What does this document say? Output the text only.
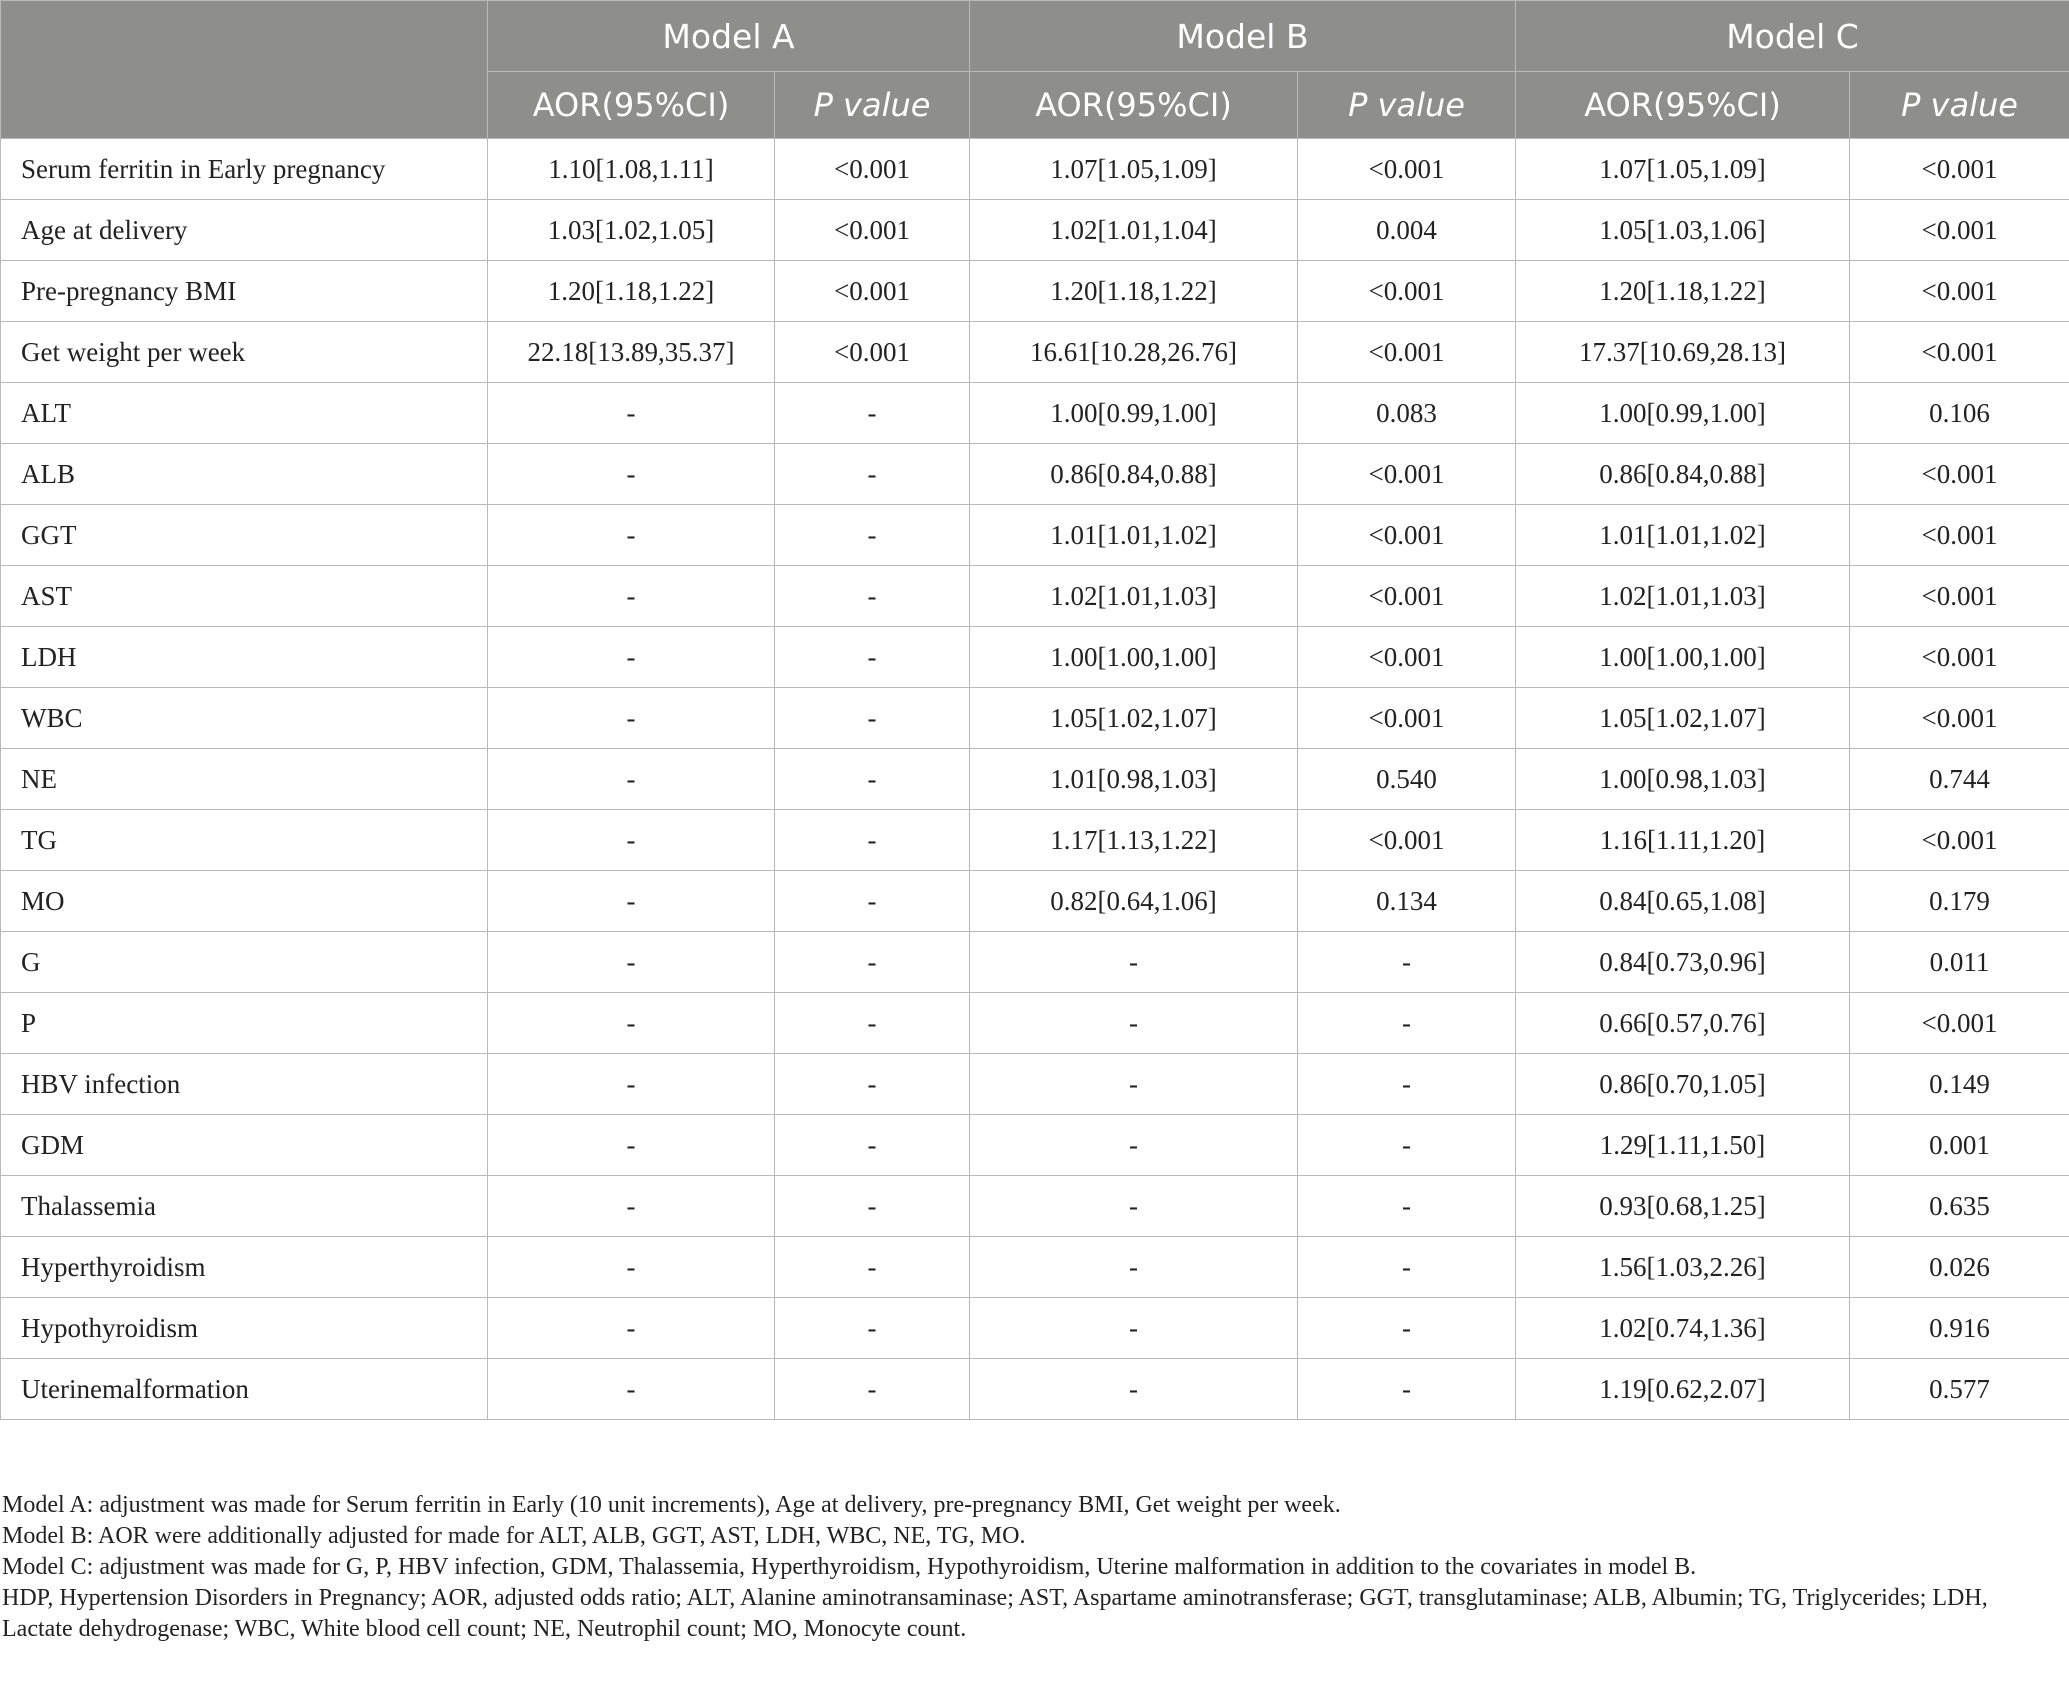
	Model A		Model B		Model C	
	AOR(95%CI)	P value	AOR(95%CI)	P value	AOR(95%CI)	P value
Serum ferritin in Early pregnancy	1.10[1.08,1.11]	<0.001	1.07[1.05,1.09]	<0.001	1.07[1.05,1.09]	<0.001
Age at delivery	1.03[1.02,1.05]	<0.001	1.02[1.01,1.04]	0.004	1.05[1.03,1.06]	<0.001
Pre-pregnancy BMI	1.20[1.18,1.22]	<0.001	1.20[1.18,1.22]	<0.001	1.20[1.18,1.22]	<0.001
Get weight per week	22.18[13.89,35.37]	<0.001	16.61[10.28,26.76]	<0.001	17.37[10.69,28.13]	<0.001
ALT	-	-	1.00[0.99,1.00]	0.083	1.00[0.99,1.00]	0.106
ALB	-	-	0.86[0.84,0.88]	<0.001	0.86[0.84,0.88]	<0.001
GGT	-	-	1.01[1.01,1.02]	<0.001	1.01[1.01,1.02]	<0.001
AST	-	-	1.02[1.01,1.03]	<0.001	1.02[1.01,1.03]	<0.001
LDH	-	-	1.00[1.00,1.00]	<0.001	1.00[1.00,1.00]	<0.001
WBC	-	-	1.05[1.02,1.07]	<0.001	1.05[1.02,1.07]	<0.001
NE	-	-	1.01[0.98,1.03]	0.540	1.00[0.98,1.03]	0.744
TG	-	-	1.17[1.13,1.22]	<0.001	1.16[1.11,1.20]	<0.001
MO	-	-	0.82[0.64,1.06]	0.134	0.84[0.65,1.08]	0.179
G	-	-	-	-	0.84[0.73,0.96]	0.011
P	-	-	-	-	0.66[0.57,0.76]	<0.001
HBV infection	-	-	-	-	0.86[0.70,1.05]	0.149
GDM	-	-	-	-	1.29[1.11,1.50]	0.001
Thalassemia	-	-	-	-	0.93[0.68,1.25]	0.635
Hyperthyroidism	-	-	-	-	1.56[1.03,2.26]	0.026
Hypothyroidism	-	-	-	-	1.02[0.74,1.36]	0.916
Uterinemalformation	-	-	-	-	1.19[0.62,2.07]	0.577

Model A: adjustment was made for Serum ferritin in Early (10 unit increments), Age at delivery, pre-pregnancy BMI, Get weight per week.

Model B: AOR were additionally adjusted for made for ALT, ALB, GGT, AST, LDH, WBC, NE, TG, MO.

Model C: adjustment was made for G, P, HBV infection, GDM, Thalassemia, Hyperthyroidism, Hypothyroidism, Uterine malformation in addition to the covariates in model B.

HDP, Hypertension Disorders in Pregnancy; AOR, adjusted odds ratio; ALT, Alanine aminotransaminase; AST, Aspartame aminotransferase; GGT, transglutaminase; ALB, Albumin; TG, Triglycerides; LDH, Lactate dehydrogenase; WBC, White blood cell count; NE, Neutrophil count; MO, Monocyte count.
